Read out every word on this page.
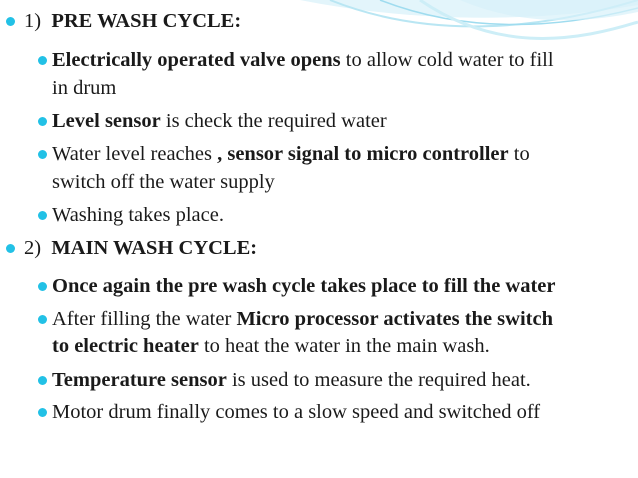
1) PRE WASH CYCLE:
Electrically operated valve opens to allow cold water to fill
in drum
Level sensor is check the required water
Water level reaches , sensor signal to micro controller to
switch off the water supply
Washing takes place.
2) MAIN WASH CYCLE:
Once again the pre wash cycle takes place to fill the water
After filling the water Micro processor activates the switch
to electric heater to heat the water in the main wash.
Temperature sensor is used to measure the required heat.
Motor drum finally comes to a slow speed and switched off
